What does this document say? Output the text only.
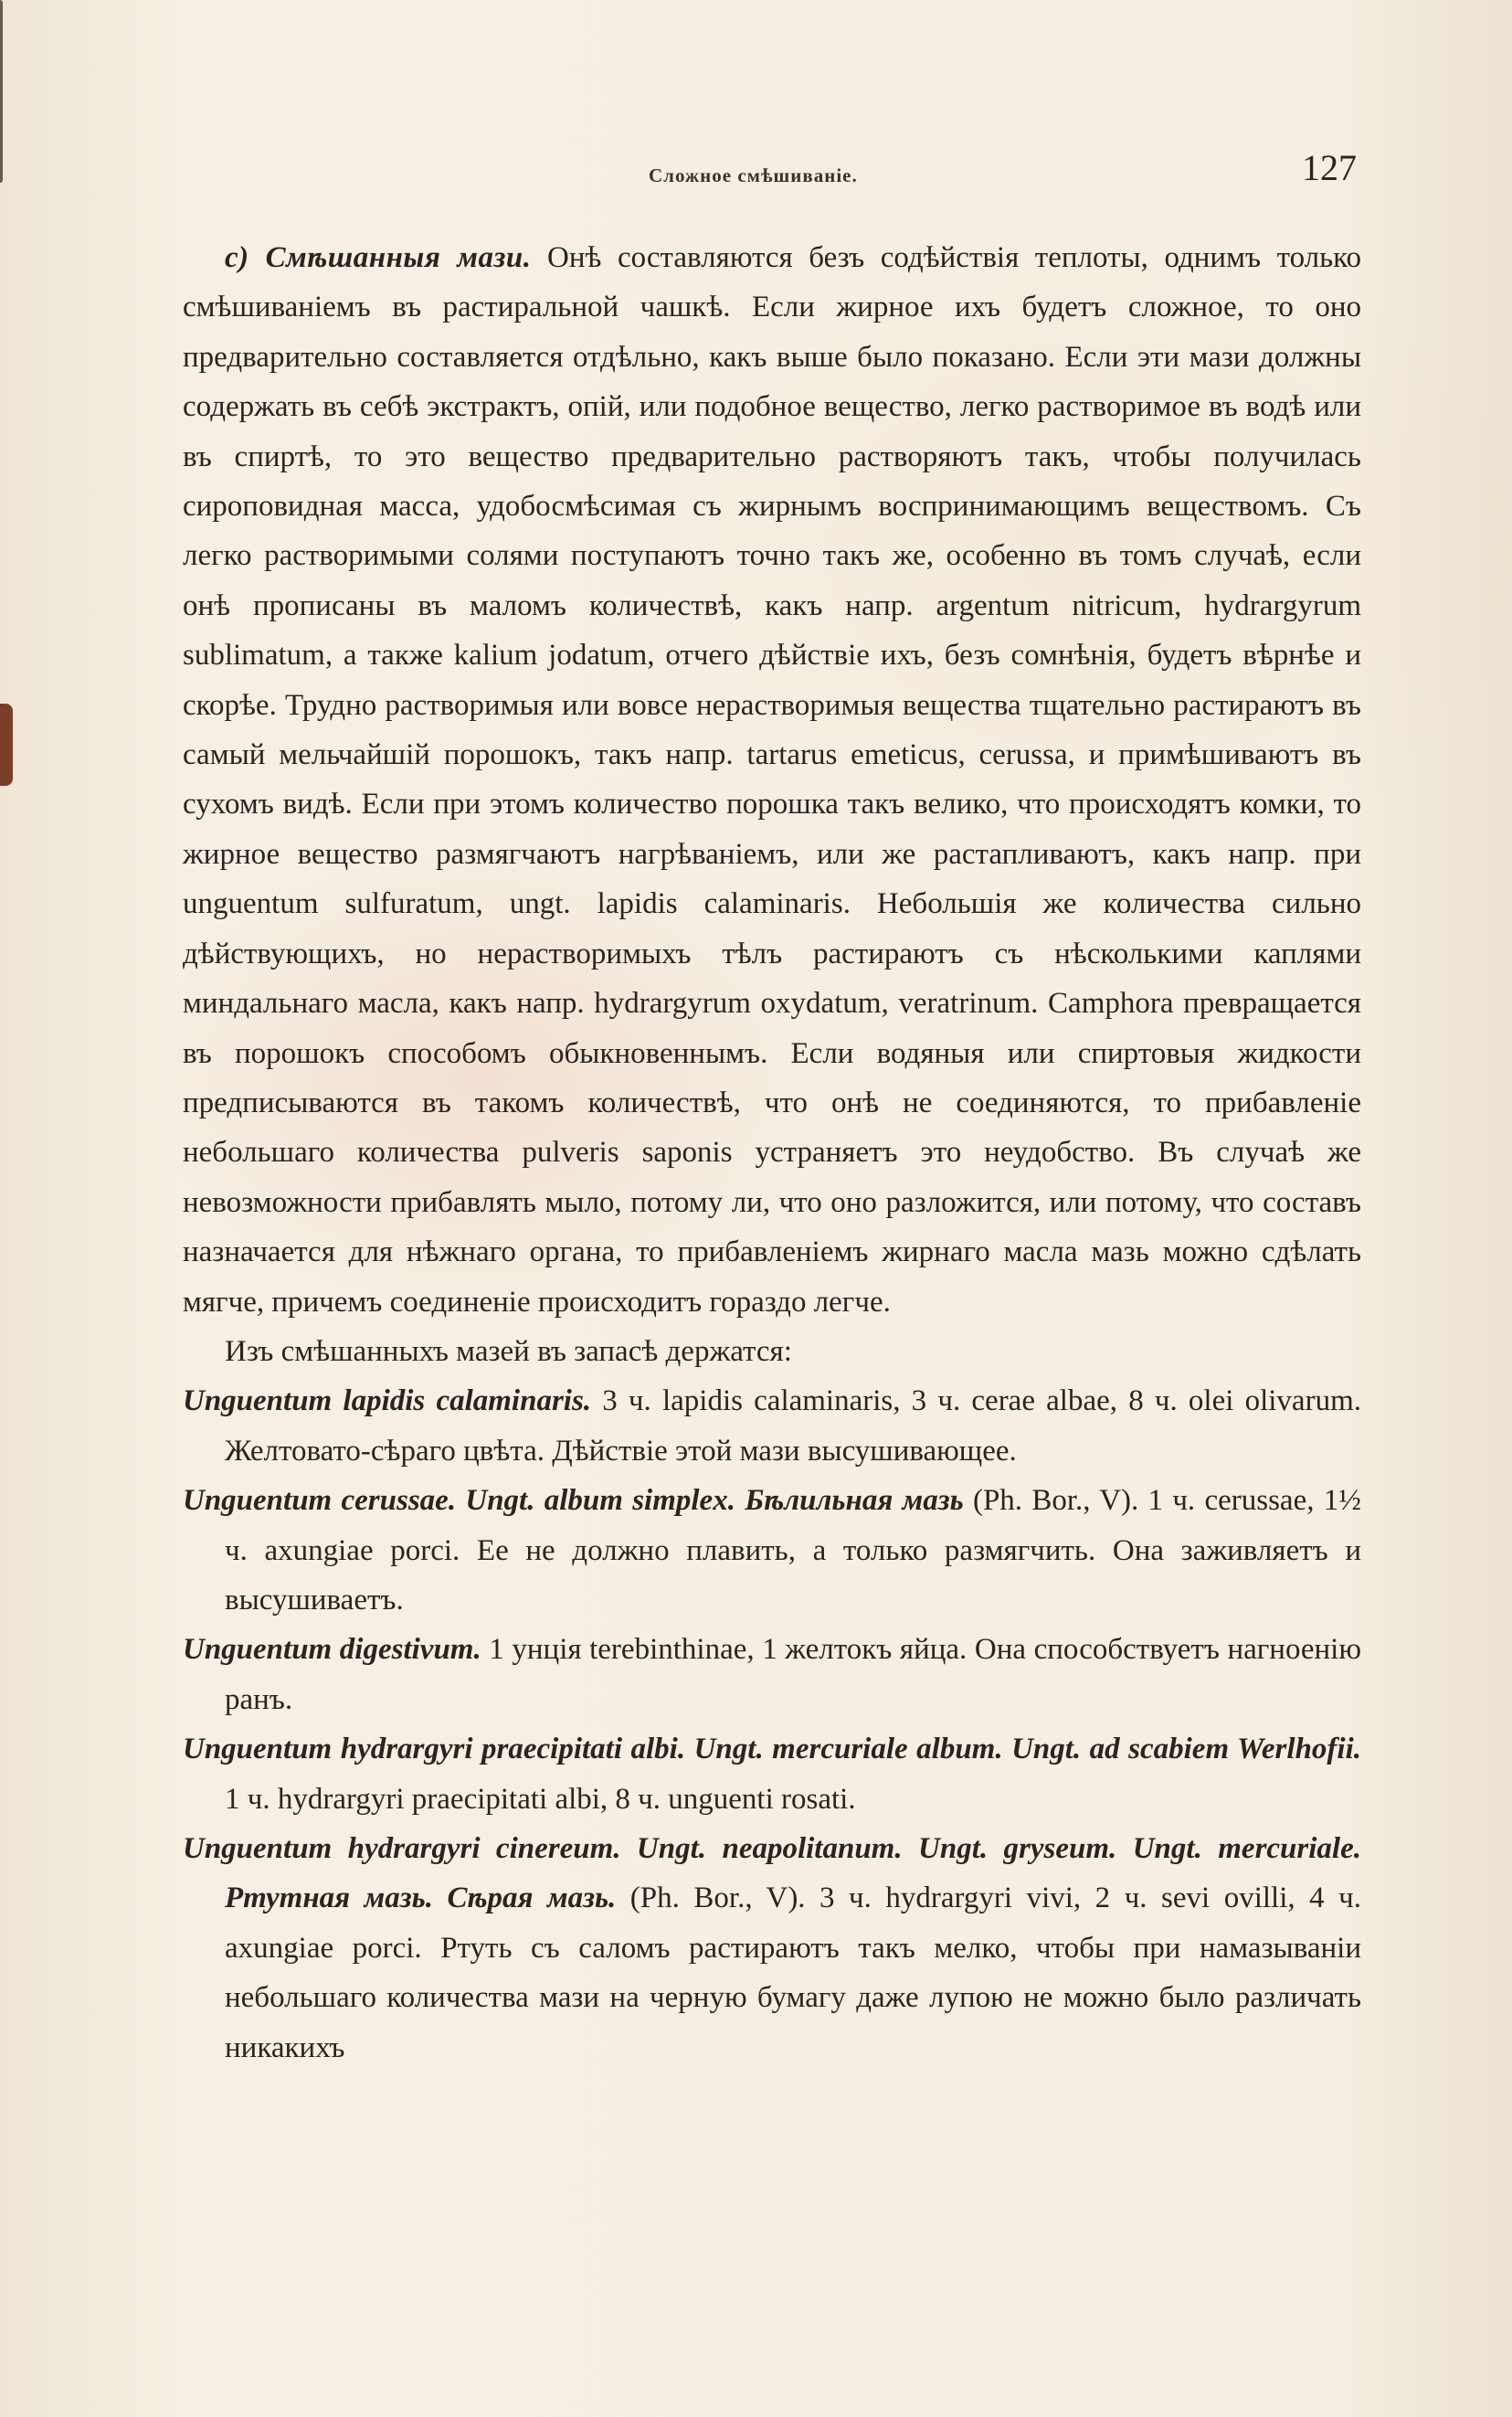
Сложное смѣшиваніе.	127

c) Смѣшанныя мази. Онѣ составляются безъ содѣйствія теплоты, однимъ только смѣшиваніемъ въ растиральной чашкѣ. Если жирное ихъ будетъ сложное, то оно предварительно составляется отдѣльно, какъ выше было показано. Если эти мази должны содержать въ себѣ экстрактъ, опій, или подобное вещество, легко растворимое въ водѣ или въ спиртѣ, то это вещество предварительно растворяютъ такъ, чтобы получилась сироповидная масса, удобосмѣсимая съ жирнымъ воспринимающимъ веществомъ. Съ легко растворимыми солями поступаютъ точно такъ же, особенно въ томъ случаѣ, если онѣ прописаны въ маломъ количествѣ, какъ напр. argentum nitricum, hydrargyrum sublimatum, а также kalium jodatum, отчего дѣйствіе ихъ, безъ сомнѣнія, будетъ вѣрнѣе и скорѣе. Трудно растворимыя или вовсе нерастворимыя вещества тщательно растираютъ въ самый мельчайшій порошокъ, такъ напр. tartarus emeticus, cerussa, и примѣшиваютъ въ сухомъ видѣ. Если при этомъ количество порошка такъ велико, что происходятъ комки, то жирное вещество размягчаютъ нагрѣваніемъ, или же растапливаютъ, какъ напр. при unguentum sulfuratum, ungt. lapidis calaminaris. Небольшія же количества сильно дѣйствующихъ, но нерастворимыхъ тѣлъ растираютъ съ нѣсколькими каплями миндальнаго масла, какъ напр. hydrargyrum oxydatum, veratrinum. Camphora превращается въ порошокъ способомъ обыкновеннымъ. Если водяныя или спиртовыя жидкости предписываются въ такомъ количествѣ, что онѣ не соединяются, то прибавленіе небольшаго количества pulveris saponis устраняетъ это неудобство. Въ случаѣ же невозможности прибавлять мыло, потому ли, что оно разложится, или потому, что составъ назначается для нѣжнаго органа, то прибавленіемъ жирнаго масла мазь можно сдѣлать мягче, причемъ соединеніе происходитъ гораздо легче.

Изъ смѣшанныхъ мазей въ запасѣ держатся:

Unguentum lapidis calaminaris. 3 ч. lapidis calaminaris, 3 ч. cerae albae, 8 ч. olei olivarum. Желтовато-сѣраго цвѣта. Дѣйствіе этой мази высушивающее.

Unguentum cerussae. Ungt. album simplex. Бѣлильная мазь (Ph. Bor., V). 1 ч. cerussae, 1½ ч. axungiae porci. Ее не должно плавить, а только размягчить. Она заживляетъ и высушиваетъ.

Unguentum digestivum. 1 унція terebinthinae, 1 желтокъ яйца. Она способствуетъ нагноенію ранъ.

Unguentum hydrargyri praecipitati albi. Ungt. mercuriale album. Ungt. ad scabiem Werlhofii. 1 ч. hydrargyri praecipitati albi, 8 ч. unguenti rosati.

Unguentum hydrargyri cinereum. Ungt. neapolitanum. Ungt. gryseum. Ungt. mercuriale. Ртутная мазь. Сѣрая мазь. (Ph. Bor., V). 3 ч. hydrargyri vivi, 2 ч. sevi ovilli, 4 ч. axungiae porci. Ртуть съ саломъ растираютъ такъ мелко, чтобы при намазываніи небольшаго количества мази на черную бумагу даже лупою не можно было различать никакихъ
